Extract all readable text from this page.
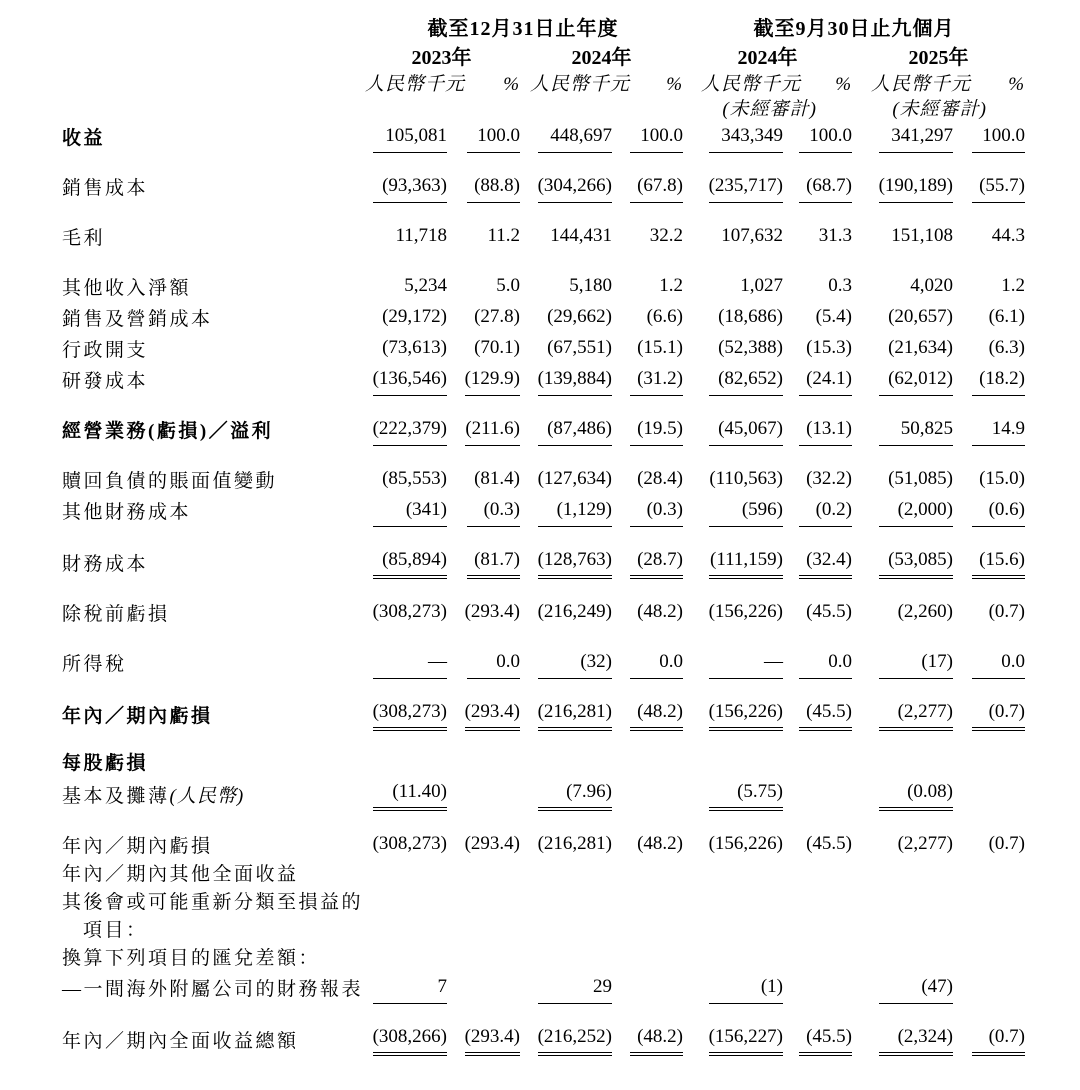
	截至12月31日止年度				截至9月30日止九個月			
	2023年		2024年		2024年		2025年	
	人民幣千元	%	人民幣千元	%	人民幣千元	%	人民幣千元	%
					(未經審計)		(未經審計)	
收益	105,081	100.0	448,697	100.0	343,349	100.0	341,297	100.0
銷售成本	(93,363)	(88.8)	(304,266)	(67.8)	(235,717)	(68.7)	(190,189)	(55.7)
毛利	11,718	11.2	144,431	32.2	107,632	31.3	151,108	44.3
其他收入淨額	5,234	5.0	5,180	1.2	1,027	0.3	4,020	1.2
銷售及營銷成本	(29,172)	(27.8)	(29,662)	(6.6)	(18,686)	(5.4)	(20,657)	(6.1)
行政開支	(73,613)	(70.1)	(67,551)	(15.1)	(52,388)	(15.3)	(21,634)	(6.3)
研發成本	(136,546)	(129.9)	(139,884)	(31.2)	(82,652)	(24.1)	(62,012)	(18.2)
經營業務(虧損)／溢利	(222,379)	(211.6)	(87,486)	(19.5)	(45,067)	(13.1)	50,825	14.9
贖回負債的賬面值變動	(85,553)	(81.4)	(127,634)	(28.4)	(110,563)	(32.2)	(51,085)	(15.0)
其他財務成本	(341)	(0.3)	(1,129)	(0.3)	(596)	(0.2)	(2,000)	(0.6)
財務成本	(85,894)	(81.7)	(128,763)	(28.7)	(111,159)	(32.4)	(53,085)	(15.6)
除稅前虧損	(308,273)	(293.4)	(216,249)	(48.2)	(156,226)	(45.5)	(2,260)	(0.7)
所得稅	—	0.0	(32)	0.0	—	0.0	(17)	0.0
年內／期內虧損	(308,273)	(293.4)	(216,281)	(48.2)	(156,226)	(45.5)	(2,277)	(0.7)
每股虧損								
基本及攤薄(人民幣)	(11.40)		(7.96)		(5.75)		(0.08)	
年內／期內虧損	(308,273)	(293.4)	(216,281)	(48.2)	(156,226)	(45.5)	(2,277)	(0.7)
年內／期內其他全面收益								
其後會或可能重新分類至損益的								
項目：								
換算下列項目的匯兌差額：								
—一間海外附屬公司的財務報表	7		29		(1)		(47)	
年內／期內全面收益總額	(308,266)	(293.4)	(216,252)	(48.2)	(156,227)	(45.5)	(2,324)	(0.7)
